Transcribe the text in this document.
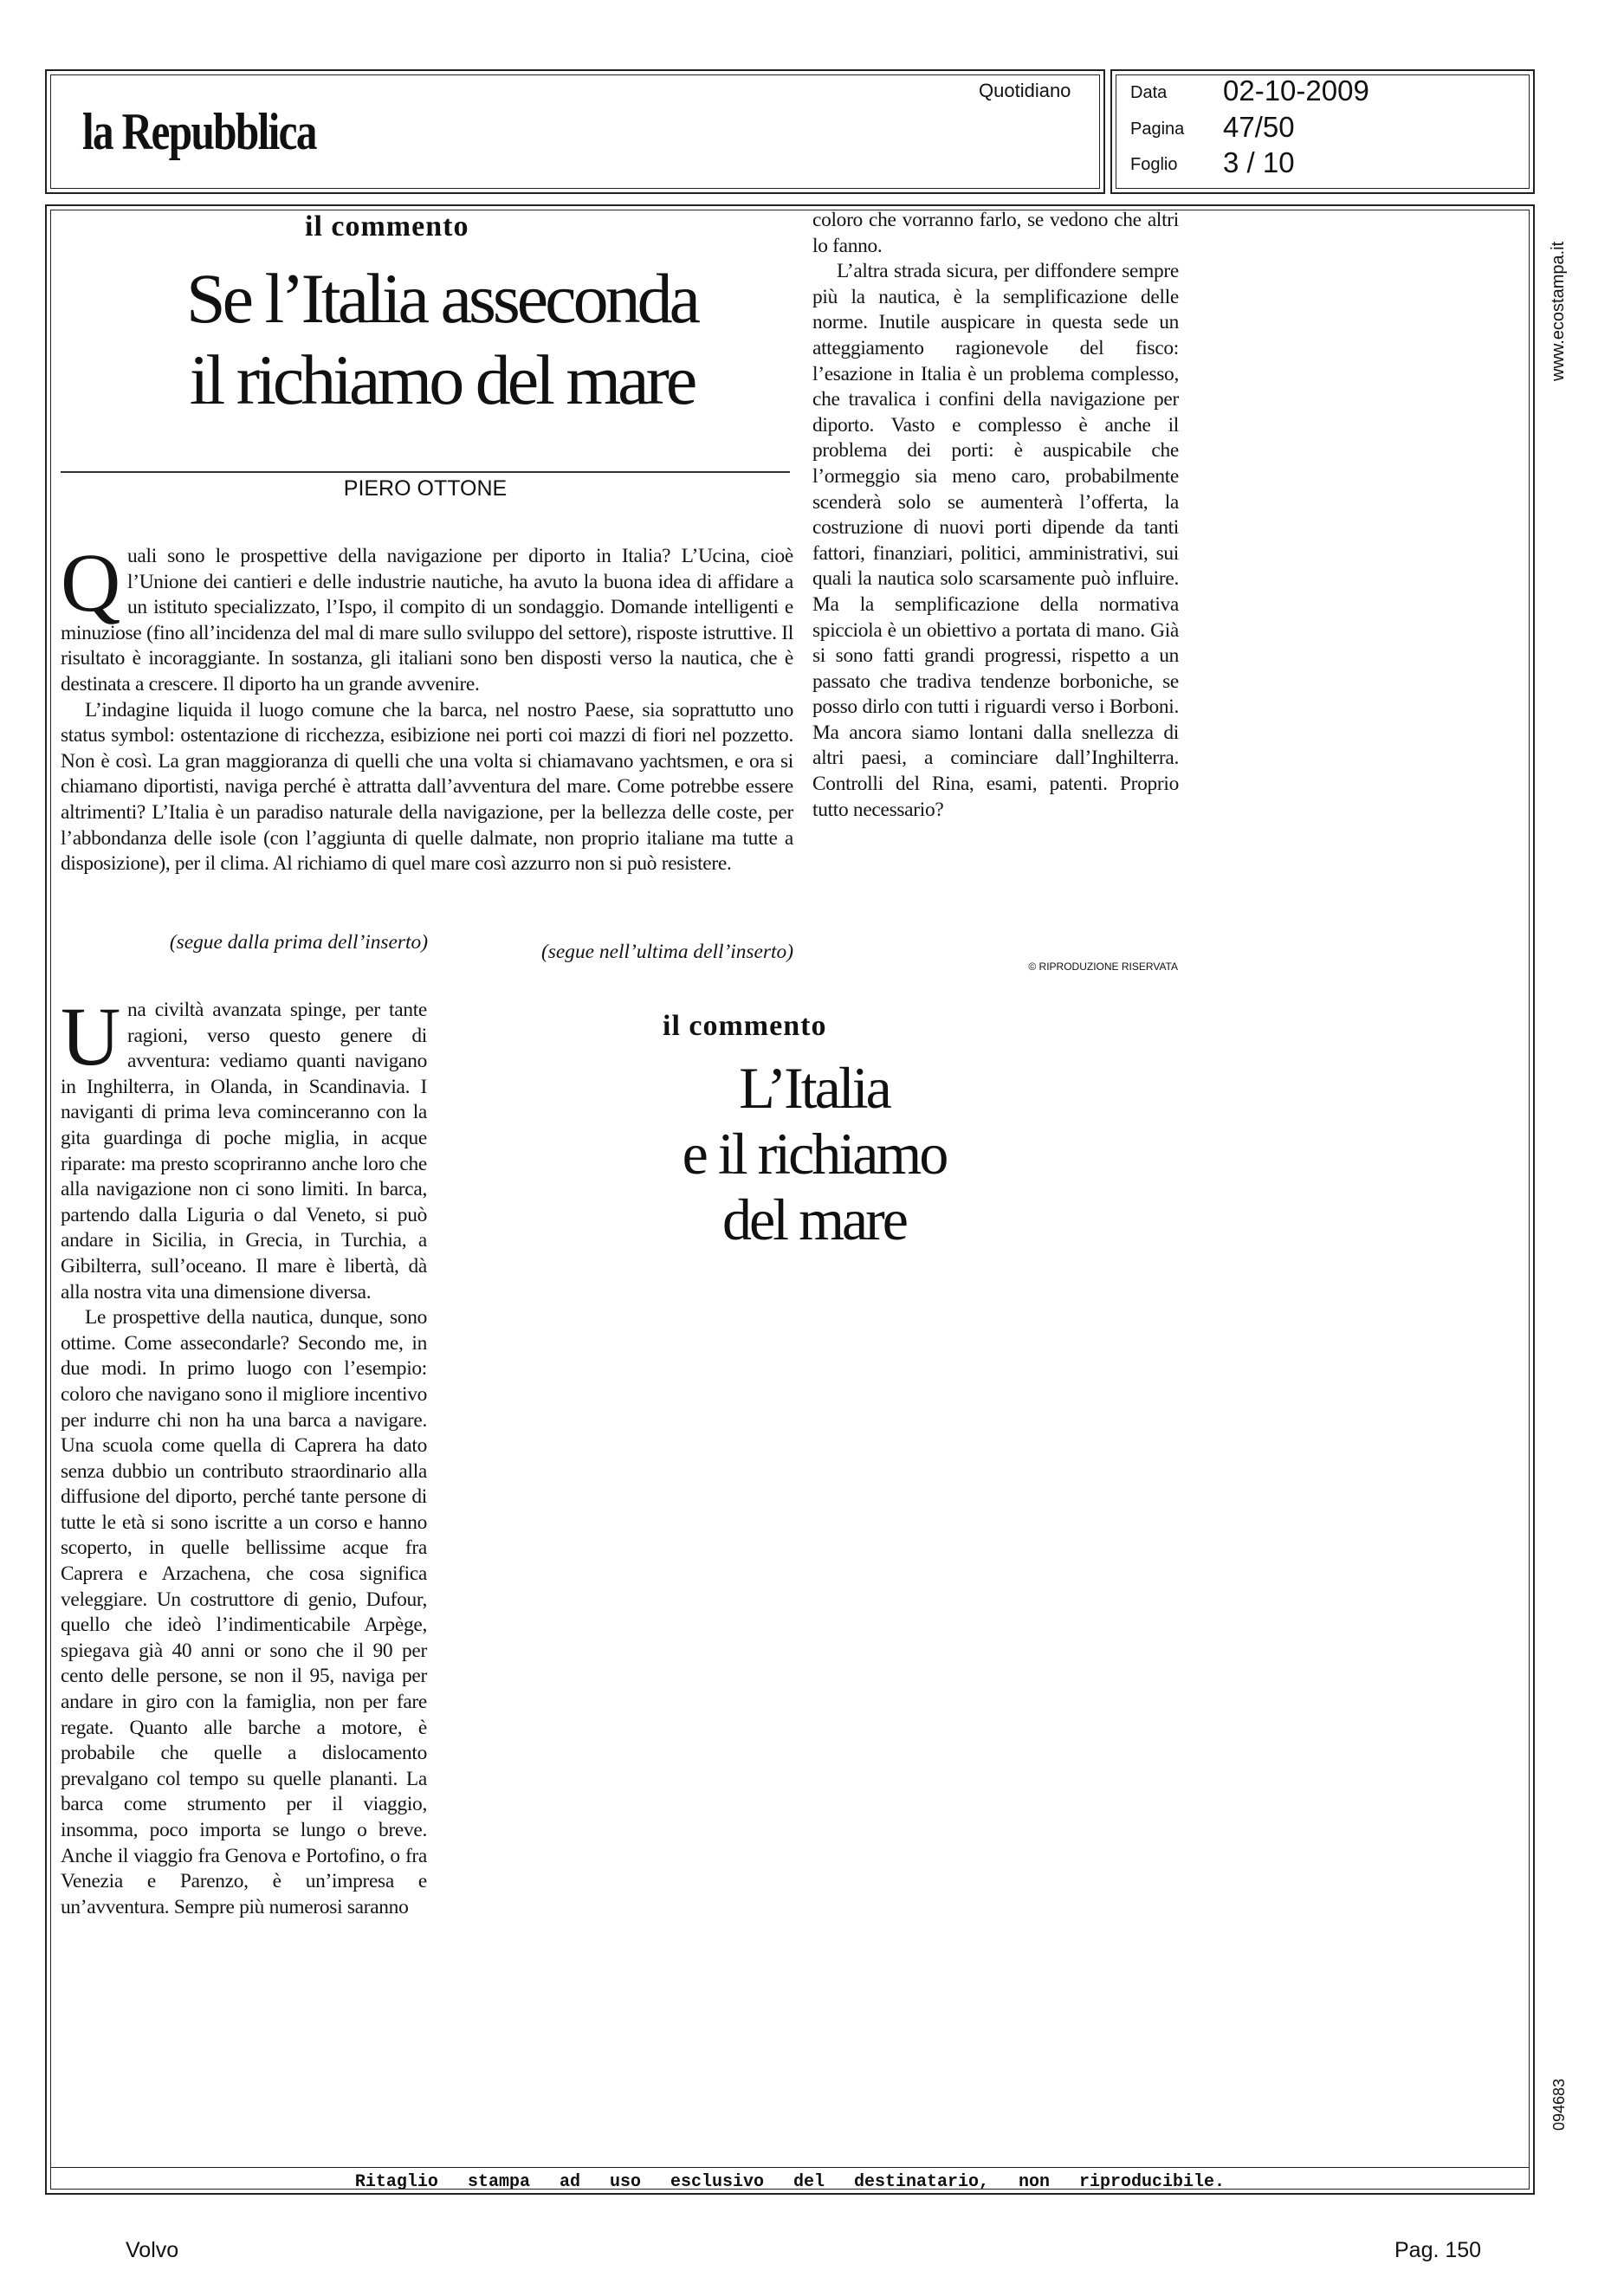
la Repubblica
Quotidiano	Data 02-10-2009
Pagina 47/50
Foglio 3 / 10
www.ecostampa.it
094683
il commento
Se l’Italia asseconda
il richiamo del mare
PIERO OTTONE

Quali sono le prospettive della navigazione per diporto in Italia? L’Ucina, cioè l’Unione dei cantieri e delle industrie nautiche, ha avuto la buona idea di affidare a un istituto specializzato, l’Ispo, il compito di un sondaggio. Domande intelligenti e minuziose (fino all’incidenza del mal di mare sullo sviluppo del settore), risposte istruttive. Il risultato è incoraggiante. In sostanza, gli italiani sono ben disposti verso la nautica, che è destinata a crescere. Il diporto ha un grande avvenire.

L’indagine liquida il luogo comune che la barca, nel nostro Paese, sia soprattutto uno status symbol: ostentazione di ricchezza, esibizione nei porti coi mazzi di fiori nel pozzetto. Non è così. La gran maggioranza di quelli che una volta si chiamavano yachtsmen, e ora si chiamano diportisti, naviga perché è attratta dall’avventura del mare. Come potrebbe essere altrimenti? L’Italia è un paradiso naturale della navigazione, per la bellezza delle coste, per l’abbondanza delle isole (con l’aggiunta di quelle dalmate, non proprio italiane ma tutte a disposizione), per il clima. Al richiamo di quel mare così azzurro non si può resistere.

(segue nell’ultima dell’inserto)
(segue dalla prima dell’inserto)

Una civiltà avanzata spinge, per tante ragioni, verso questo genere di avventura: vediamo quanti navigano in Inghilterra, in Olanda, in Scandinavia. I naviganti di prima leva cominceranno con la gita guardinga di poche miglia, in acque riparate: ma presto scopriranno anche loro che alla navigazione non ci sono limiti. In barca, partendo dalla Liguria o dal Veneto, si può andare in Sicilia, in Grecia, in Turchia, a Gibilterra, sull’oceano. Il mare è libertà, dà alla nostra vita una dimensione diversa.

Le prospettive della nautica, dunque, sono ottime. Come assecondarle? Secondo me, in due modi. In primo luogo con l’esempio: coloro che navigano sono il migliore incentivo per indurre chi non ha una barca a navigare. Una scuola come quella di Caprera ha dato senza dubbio un contributo straordinario alla diffusione del diporto, perché tante persone di tutte le età si sono iscritte a un corso e hanno scoperto, in quelle bellissime acque fra Caprera e Arzachena, che cosa significa veleggiare. Un costruttore di genio, Dufour, quello che ideò l’indimenticabile Arpège, spiegava già 40 anni or sono che il 90 per cento delle persone, se non il 95, naviga per andare in giro con la famiglia, non per fare regate. Quanto alle barche a motore, è probabile che quelle a dislocamento prevalgano col tempo su quelle plananti. La barca come strumento per il viaggio, insomma, poco importa se lungo o breve. Anche il viaggio fra Genova e Portofino, o fra Venezia e Parenzo, è un’impresa e un’avventura. Sempre più numerosi saranno

coloro che vorranno farlo, se vedono che altri lo fanno.

L’altra strada sicura, per diffondere sempre più la nautica, è la semplificazione delle norme. Inutile auspicare in questa sede un atteggiamento ragionevole del fisco: l’esazione in Italia è un problema complesso, che travalica i confini della navigazione per diporto. Vasto e complesso è anche il problema dei porti: è auspicabile che l’ormeggio sia meno caro, probabilmente scenderà solo se aumenterà l’offerta, la costruzione di nuovi porti dipende da tanti fattori, finanziari, politici, amministrativi, sui quali la nautica solo scarsamente può influire. Ma la semplificazione della normativa spicciola è un obiettivo a portata di mano. Già si sono fatti grandi progressi, rispetto a un passato che tradiva tendenze borboniche, se posso dirlo con tutti i riguardi verso i Borboni. Ma ancora siamo lontani dalla snellezza di altri paesi, a cominciare dall’Inghilterra. Controlli del Rina, esami, patenti. Proprio tutto necessario?

© RIPRODUZIONE RISERVATA
il commento
L’Italia
e il richiamo
del mare
Ritaglio stampa ad uso esclusivo del destinatario, non riproducibile.
Volvo	Pag. 150
